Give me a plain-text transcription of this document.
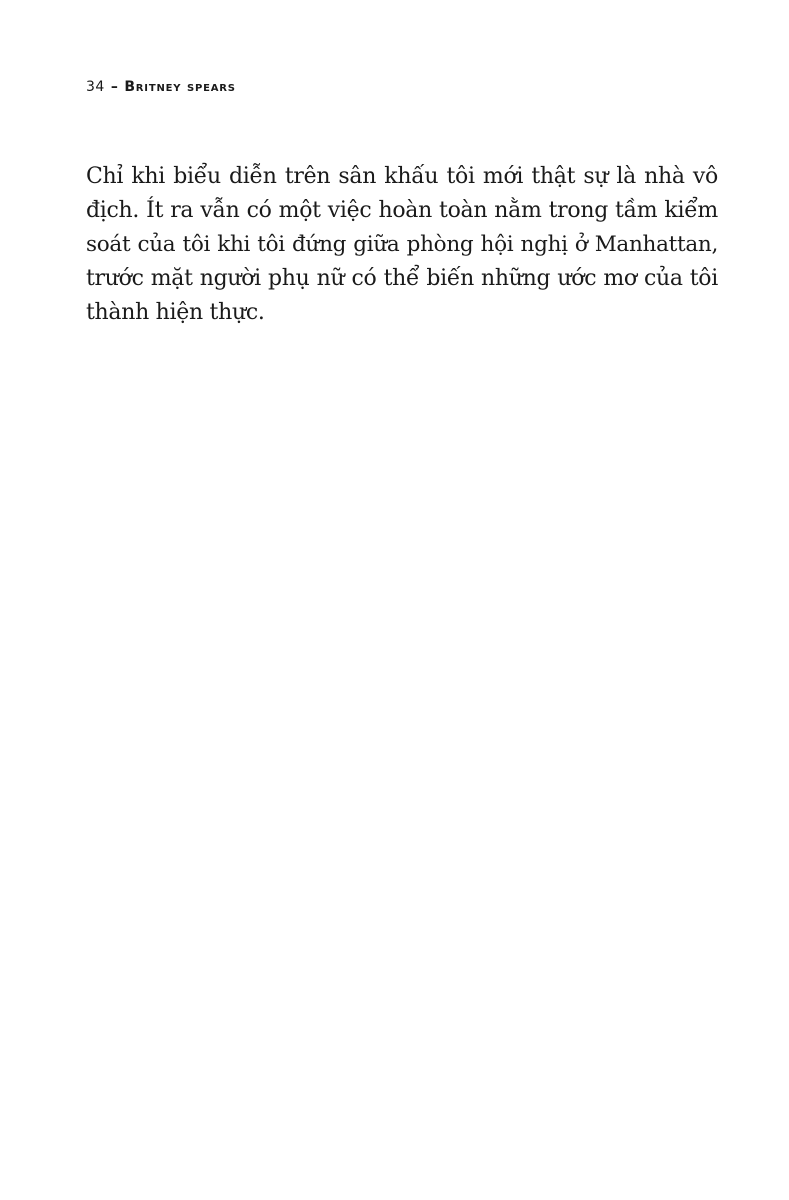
34 – Britney spears

Chỉ khi biểu diễn trên sân khấu tôi mới thật sự là nhà vô
địch. Ít ra vẫn có một việc hoàn toàn nằm trong tầm kiểm
soát của tôi khi tôi đứng giữa phòng hội nghị ở Manhattan,
trước mặt người phụ nữ có thể biến những ước mơ của tôi
thành hiện thực.
